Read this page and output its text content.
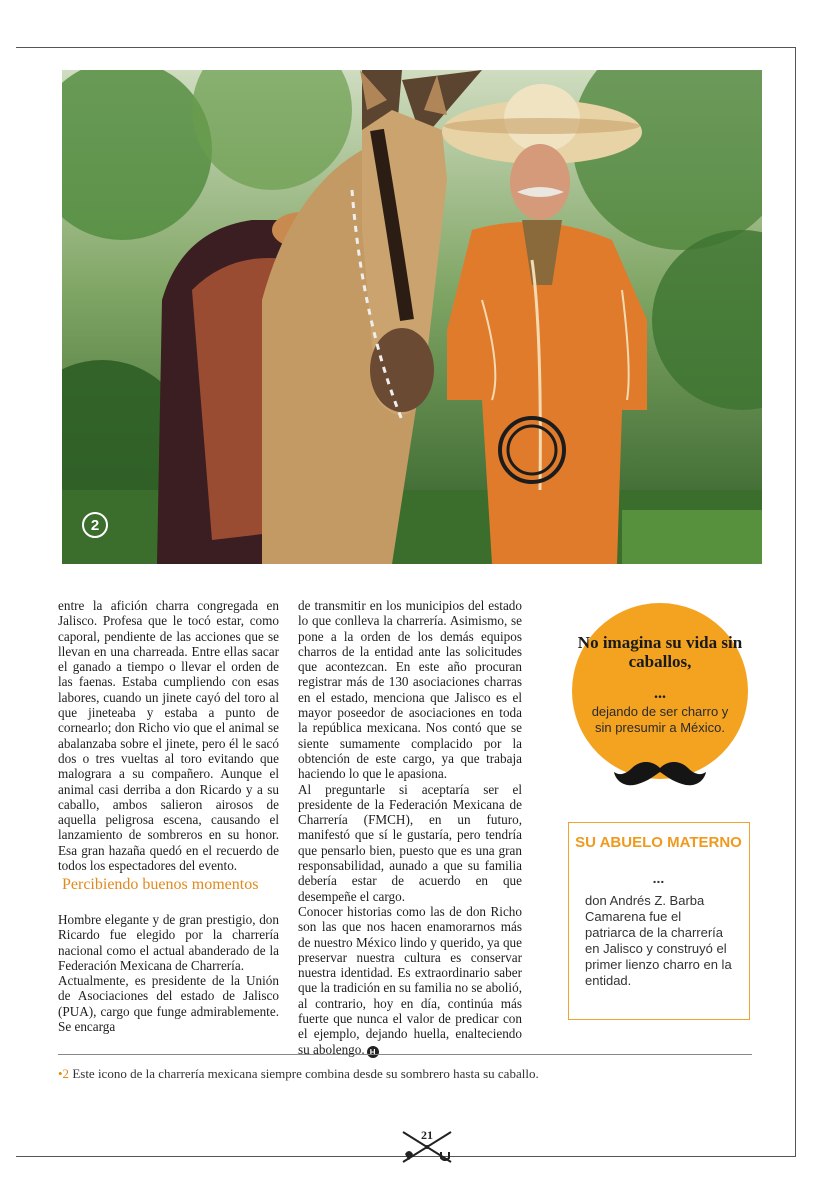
2

entre la afición charra congregada en Jalisco. Profesa que le tocó estar, como caporal, pendiente de las acciones que se llevan en una charreada. Entre ellas sacar el ganado a tiempo o llevar el orden de las faenas. Estaba cumpliendo con esas labores, cuando un jinete cayó del toro al que jineteaba y estaba a punto de cornearlo; don Richo vio que el animal se abalanzaba sobre el jinete, pero él le sacó dos o tres vueltas al toro evitando que malograra a su compañero. Aunque el animal casi derriba a don Ricardo y a su caballo, ambos salieron airosos de aquella peligrosa escena, causando el lanzamiento de sombreros en su honor. Esa gran hazaña quedó en el recuerdo de todos los espectadores del evento.

Percibiendo buenos momentos

Hombre elegante y de gran prestigio, don Ricardo fue elegido por la charrería nacional como el actual abanderado de la Federación Mexicana de Charrería.

Actualmente, es presidente de la Unión de Asociaciones del estado de Jalisco (PUA), cargo que funge admirablemente. Se encarga

de transmitir en los municipios del estado lo que conlleva la charrería. Asimismo, se pone a la orden de los demás equipos charros de la entidad ante las solicitudes que acontezcan. En este año procuran registrar más de 130 asociaciones charras en el estado, menciona que Jalisco es el mayor poseedor de asociaciones en toda la república mexicana. Nos contó que se siente sumamente complacido por la obtención de este cargo, ya que trabaja haciendo lo que le apasiona.

Al preguntarle si aceptaría ser el presidente de la Federación Mexicana de Charrería (FMCH), en un futuro, manifestó que sí le gustaría, pero tendría que pensarlo bien, puesto que es una gran responsabilidad, aunado a que su familia debería estar de acuerdo en que desempeñe el cargo.

Conocer historias como las de don Richo son las que nos hacen enamorarnos más de nuestro México lindo y querido, ya que preservar nuestra cultura es conservar nuestra identidad. Es extraordinario saber que la tradición en su familia no se abolió, al contrario, hoy en día, continúa más fuerte que nunca el valor de predicar con el ejemplo, dejando huella, enalteciendo su abolengo. H

No imagina su vida sin caballos,
...
dejando de ser charro y sin presumir a México.
SU ABUELO MATERNO
...
don Andrés Z. Barba Camarena fue el patriarca de la charrería en Jalisco y construyó el primer lienzo charro en la entidad.
•2 Este icono de la charrería mexicana siempre combina desde su sombrero hasta su caballo.
21
